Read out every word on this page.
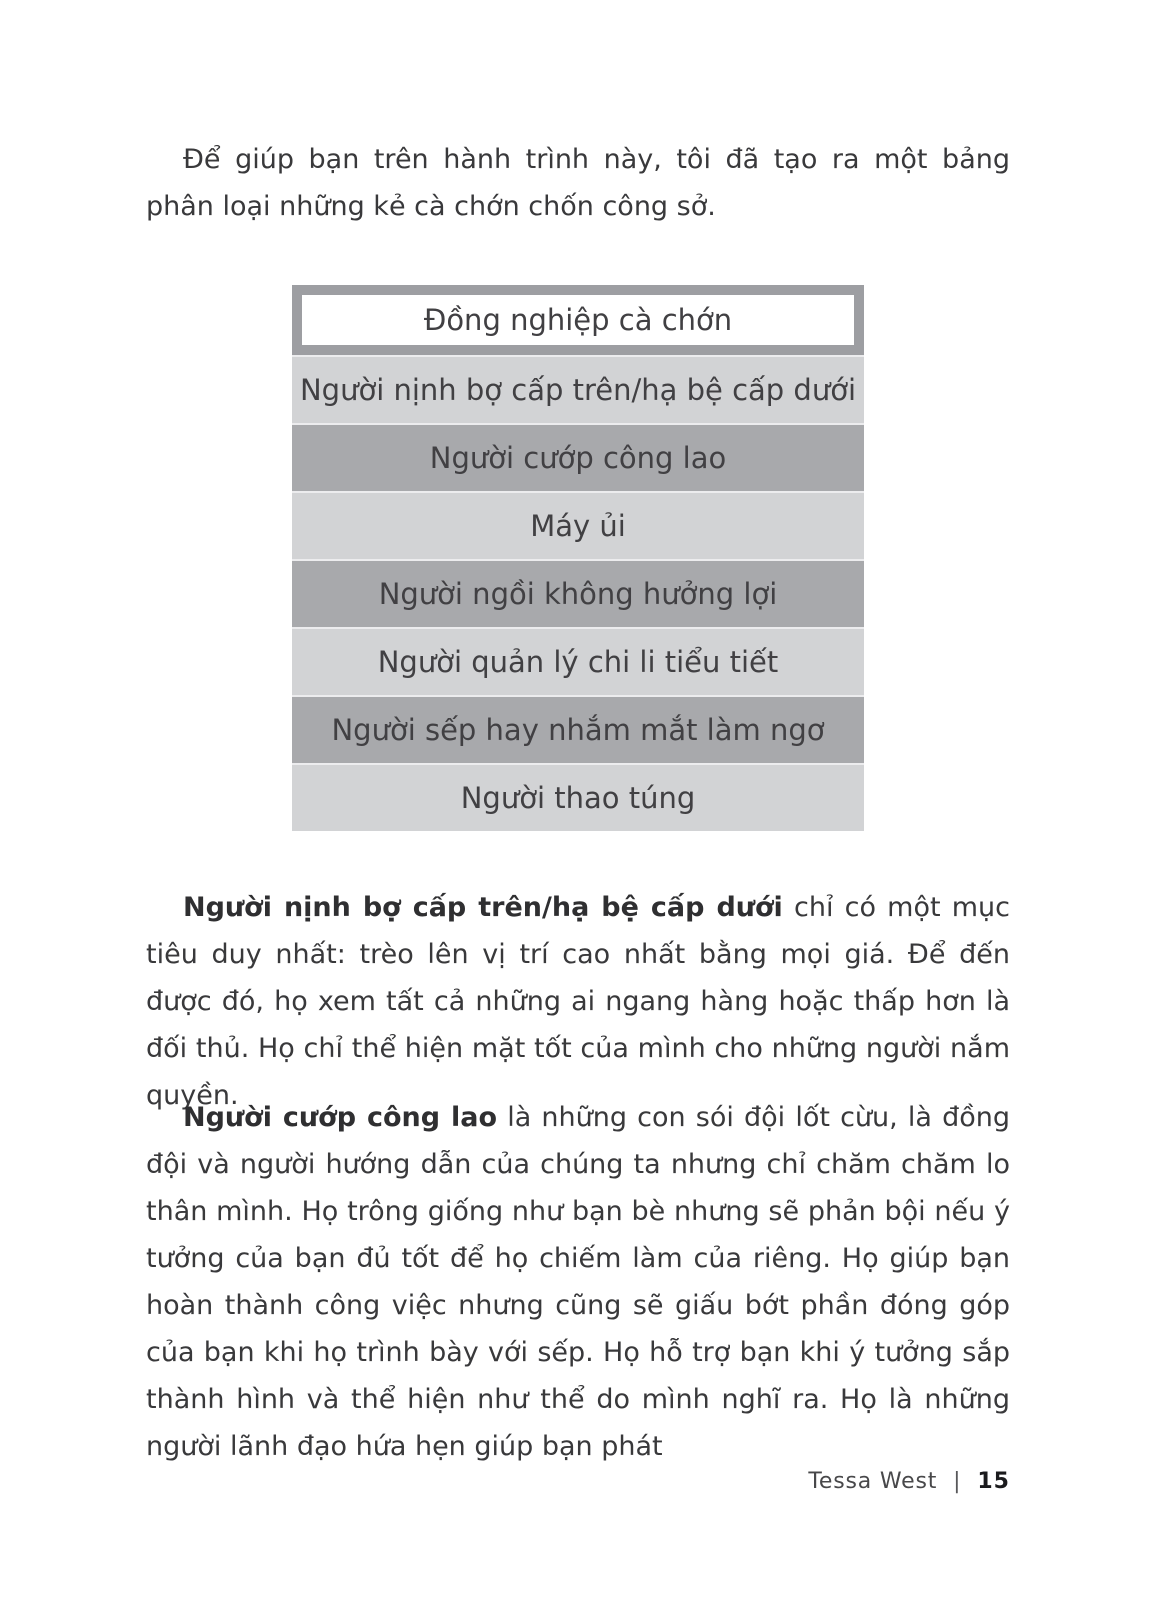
Để giúp bạn trên hành trình này, tôi đã tạo ra một bảng phân loại những kẻ cà chớn chốn công sở.

Đồng nghiệp cà chớn
Người nịnh bợ cấp trên/hạ bệ cấp dưới
Người cướp công lao
Máy ủi
Người ngồi không hưởng lợi
Người quản lý chi li tiểu tiết
Người sếp hay nhắm mắt làm ngơ
Người thao túng

Người nịnh bợ cấp trên/hạ bệ cấp dưới chỉ có một mục tiêu duy nhất: trèo lên vị trí cao nhất bằng mọi giá. Để đến được đó, họ xem tất cả những ai ngang hàng hoặc thấp hơn là đối thủ. Họ chỉ thể hiện mặt tốt của mình cho những người nắm quyền.

Người cướp công lao là những con sói đội lốt cừu, là đồng đội và người hướng dẫn của chúng ta nhưng chỉ chăm chăm lo thân mình. Họ trông giống như bạn bè nhưng sẽ phản bội nếu ý tưởng của bạn đủ tốt để họ chiếm làm của riêng. Họ giúp bạn hoàn thành công việc nhưng cũng sẽ giấu bớt phần đóng góp của bạn khi họ trình bày với sếp. Họ hỗ trợ bạn khi ý tưởng sắp thành hình và thể hiện như thể do mình nghĩ ra. Họ là những người lãnh đạo hứa hẹn giúp bạn phát

Tessa West | 15
